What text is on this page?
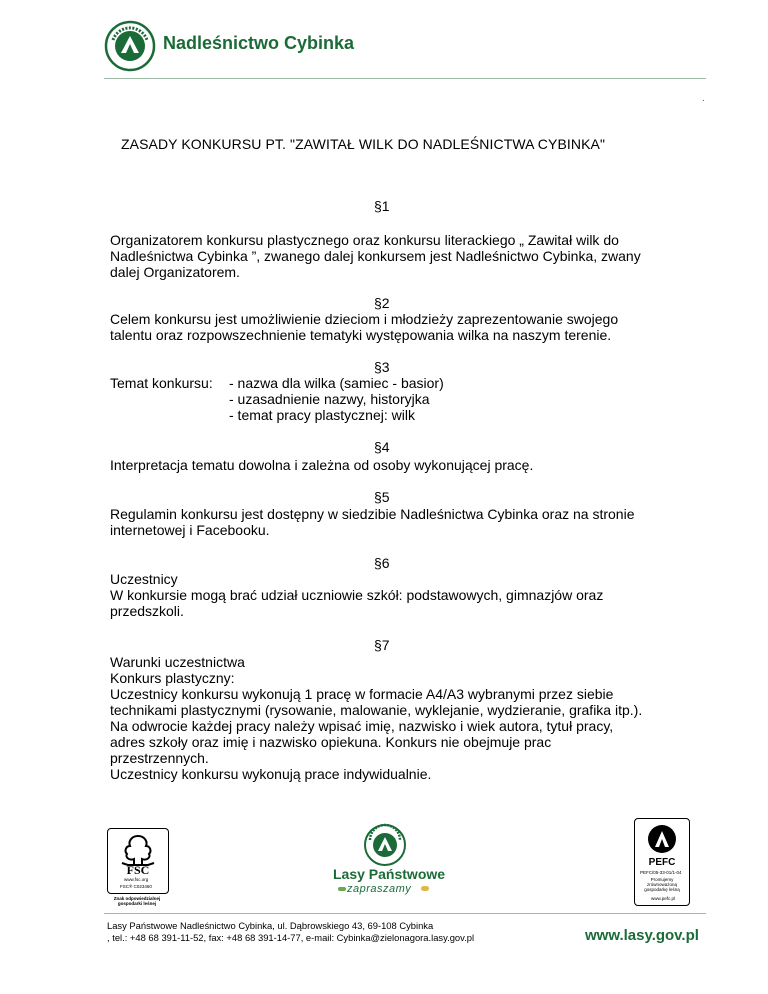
Nadleśnictwo Cybinka
.
ZASADY KONKURSU PT. "ZAWITAŁ WILK DO NADLEŚNICTWA CYBINKA"
§1
Organizatorem konkursu plastycznego oraz konkursu literackiego „ Zawitał wilk do
Nadleśnictwa Cybinka ”, zwanego dalej konkursem jest Nadleśnictwo Cybinka, zwany
dalej Organizatorem.
§2
Celem konkursu jest umożliwienie dzieciom i młodzieży zaprezentowanie swojego
talentu oraz rozpowszechnienie tematyki występowania wilka na naszym terenie.
§3
Temat konkursu: - nazwa dla wilka (samiec - basior)
- uzasadnienie nazwy, historyjka
- temat pracy plastycznej: wilk
§4
Interpretacja tematu dowolna i zależna od osoby wykonującej pracę.
§5
Regulamin konkursu jest dostępny w siedzibie Nadleśnictwa Cybinka oraz na stronie
internetowej i Facebooku.
§6
Uczestnicy
W konkursie mogą brać udział uczniowie szkół: podstawowych, gimnazjów oraz
przedszkoli.
§7
Warunki uczestnictwa
Konkurs plastyczny:
Uczestnicy konkursu wykonują 1 pracę w formacie A4/A3 wybranymi przez siebie
technikami plastycznymi (rysowanie, malowanie, wyklejanie, wydzieranie, grafika itp.).
Na odwrocie każdej pracy należy wpisać imię, nazwisko i wiek autora, tytuł pracy,
adres szkoły oraz imię i nazwisko opiekuna. Konkurs nie obejmuje prac
przestrzennych.
Uczestnicy konkursu wykonują prace indywidualnie.
FSC
www.fsc.org
FSC® C023460
Znak odpowiedzialnej
gospodarki leśnej
Lasy Państwowe
zapraszamy
PEFC
PEFC/05-33-01/1-04
Promujemy
zrównoważoną
gospodarkę leśną
www.pefc.pl
Lasy Państwowe Nadleśnictwo Cybinka, ul. Dąbrowskiego 43, 69-108 Cybinka
, tel.: +48 68 391-11-52, fax: +48 68 391-14-77, e-mail: Cybinka@zielonagora.lasy.gov.pl	www.lasy.gov.pl
